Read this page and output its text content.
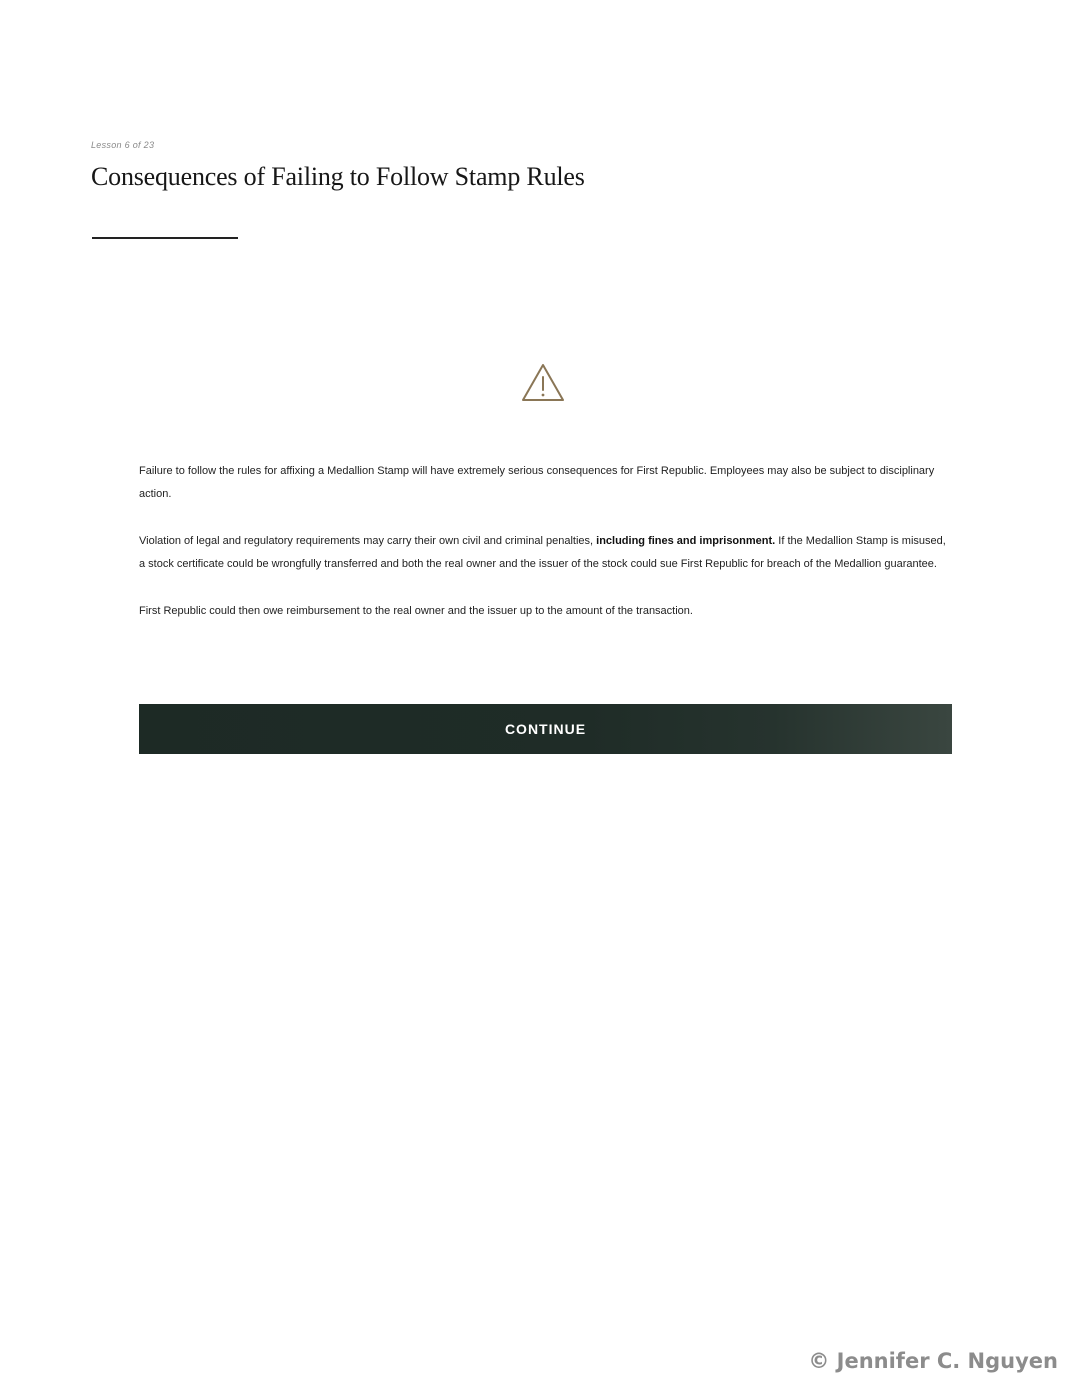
Lesson 6 of 23
Consequences of Failing to Follow Stamp Rules

Failure to follow the rules for affixing a Medallion Stamp will have extremely serious consequences for First Republic. Employees may also be subject to disciplinary action.

Violation of legal and regulatory requirements may carry their own civil and criminal penalties, including fines and imprisonment. If the Medallion Stamp is misused, a stock certificate could be wrongfully transferred and both the real owner and the issuer of the stock could sue First Republic for breach of the Medallion guarantee.

First Republic could then owe reimbursement to the real owner and the issuer up to the amount of the transaction.

CONTINUE
© Jennifer C. Nguyen
